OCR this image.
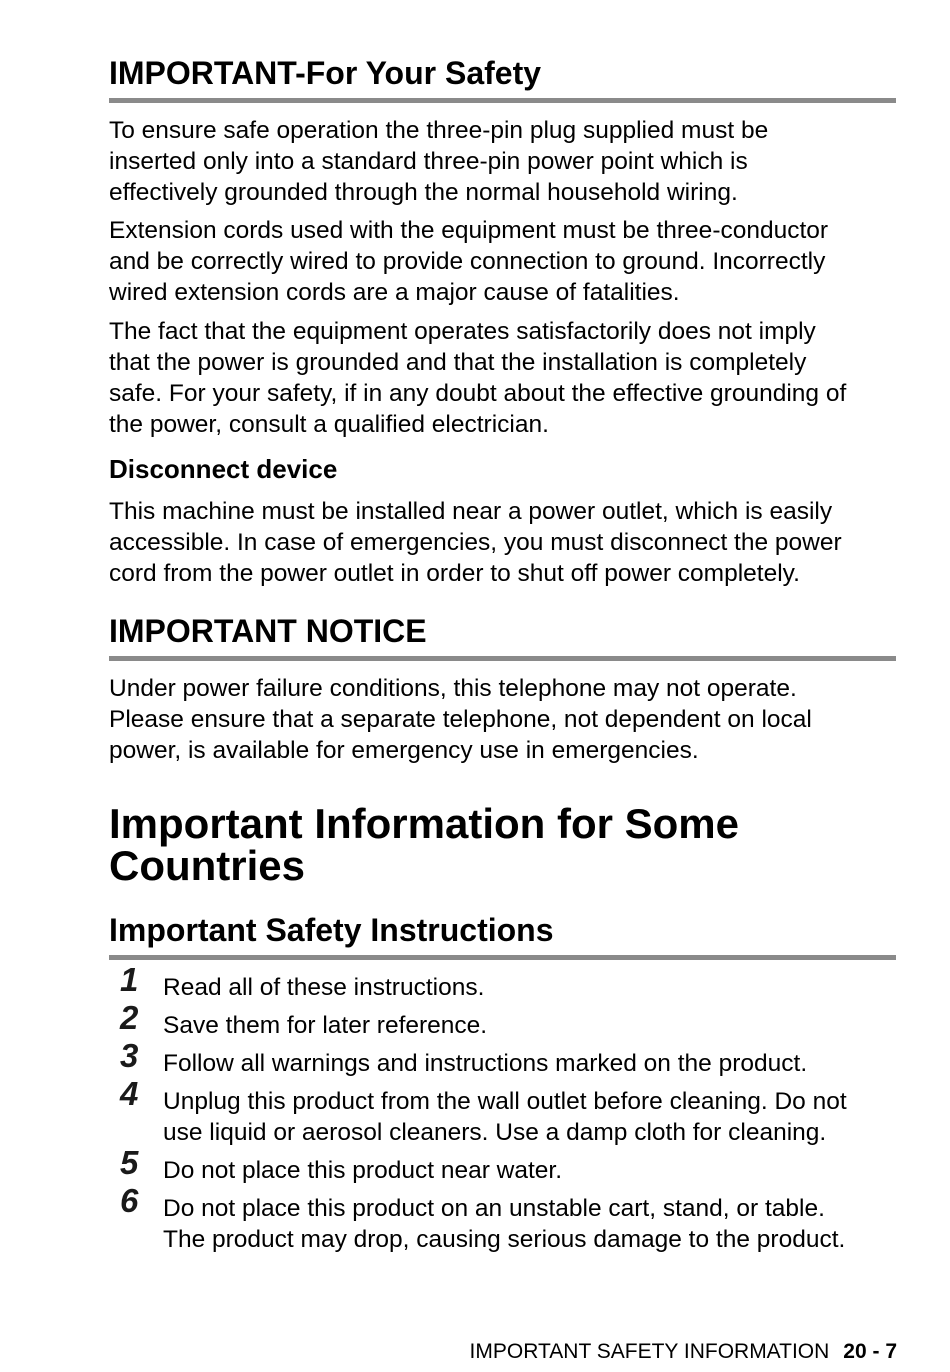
IMPORTANT-For Your Safety

To ensure safe operation the three-pin plug supplied must be

inserted only into a standard three-pin power point which is

effectively grounded through the normal household wiring.

Extension cords used with the equipment must be three-conductor

and be correctly wired to provide connection to ground. Incorrectly

wired extension cords are a major cause of fatalities.

The fact that the equipment operates satisfactorily does not imply

that the power is grounded and that the installation is completely

safe. For your safety, if in any doubt about the effective grounding of

the power, consult a qualified electrician.

Disconnect device

This machine must be installed near a power outlet, which is easily

accessible. In case of emergencies, you must disconnect the power

cord from the power outlet in order to shut off power completely.

IMPORTANT NOTICE

Under power failure conditions, this telephone may not operate.

Please ensure that a separate telephone, not dependent on local

power, is available for emergency use in emergencies.

Important Information for Some
Countries
Important Safety Instructions
1 Read all of these instructions.

2 Save them for later reference.

3 Follow all warnings and instructions marked on the product.

4 Unplug this product from the wall outlet before cleaning. Do not

use liquid or aerosol cleaners. Use a damp cloth for cleaning.

5 Do not place this product near water.

6 Do not place this product on an unstable cart, stand, or table.

The product may drop, causing serious damage to the product.

IMPORTANT SAFETY INFORMATION 20 - 7
